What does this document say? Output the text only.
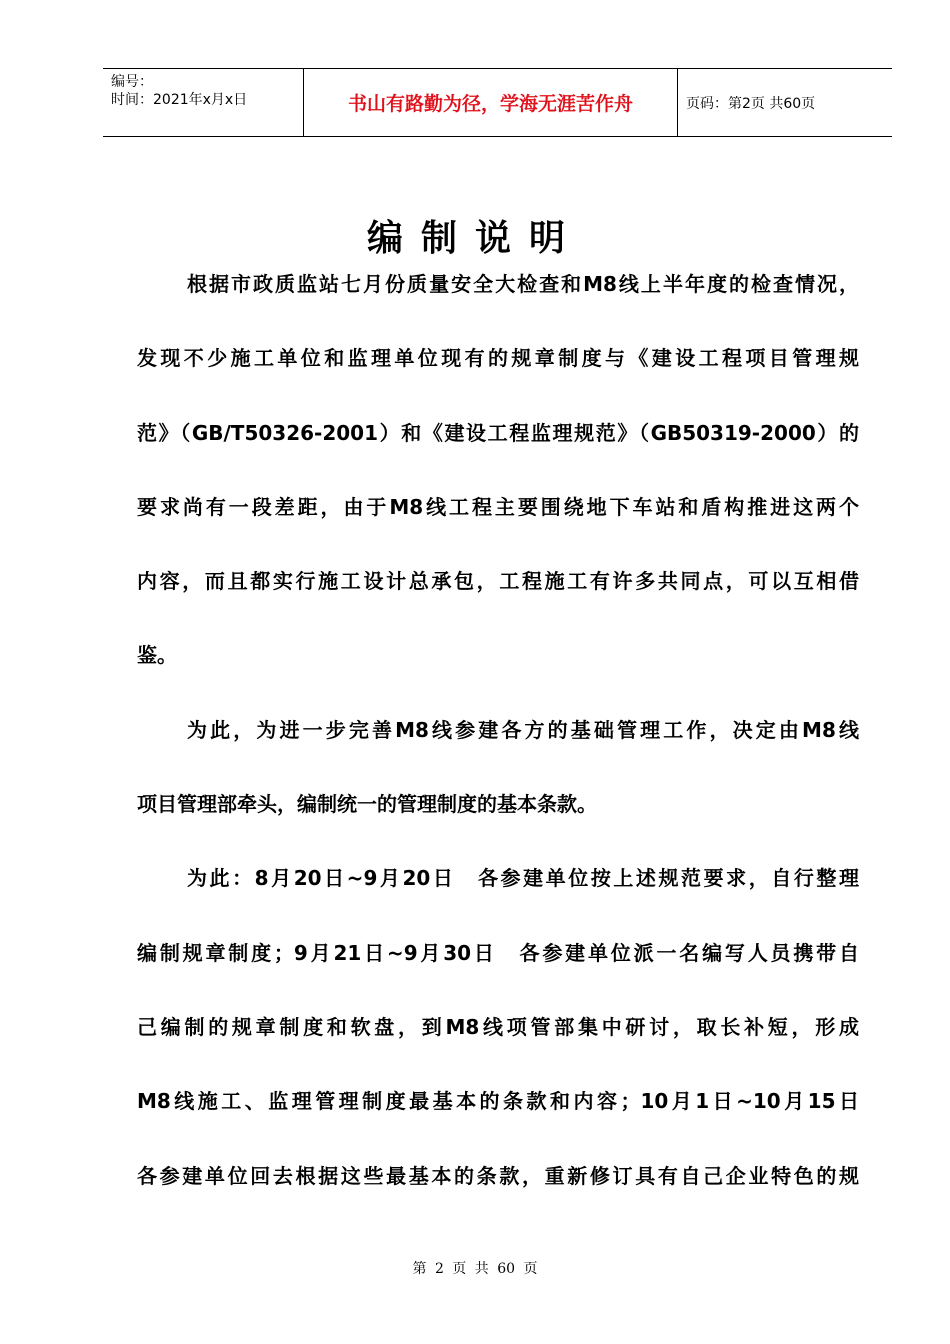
编号：
时间：2021年x月x日	书山有路勤为径，学海无涯苦作舟	页码：第2页 共60页
编制说明
根据市政质监站七月份质量安全大检查和M8线上半年度的检查情况，
发现不少施工单位和监理单位现有的规章制度与《建设工程项目管理规
范》（GB/T50326-2001）和《建设工程监理规范》（GB50319-2000）的
要求尚有一段差距，由于M8线工程主要围绕地下车站和盾构推进这两个
内容，而且都实行施工设计总承包，工程施工有许多共同点，可以互相借
鉴。
为此，为进一步完善M8线参建各方的基础管理工作，决定由M8线
项目管理部牵头，编制统一的管理制度的基本条款。
为此：8月20日~9月20日　各参建单位按上述规范要求，自行整理
编制规章制度；9月21日~9月30日　各参建单位派一名编写人员携带自
己编制的规章制度和软盘，到M8线项管部集中研讨，取长补短，形成
M8线施工、监理管理制度最基本的条款和内容；10月1日~10月15日
各参建单位回去根据这些最基本的条款，重新修订具有自己企业特色的规
第 2 页 共 60 页
